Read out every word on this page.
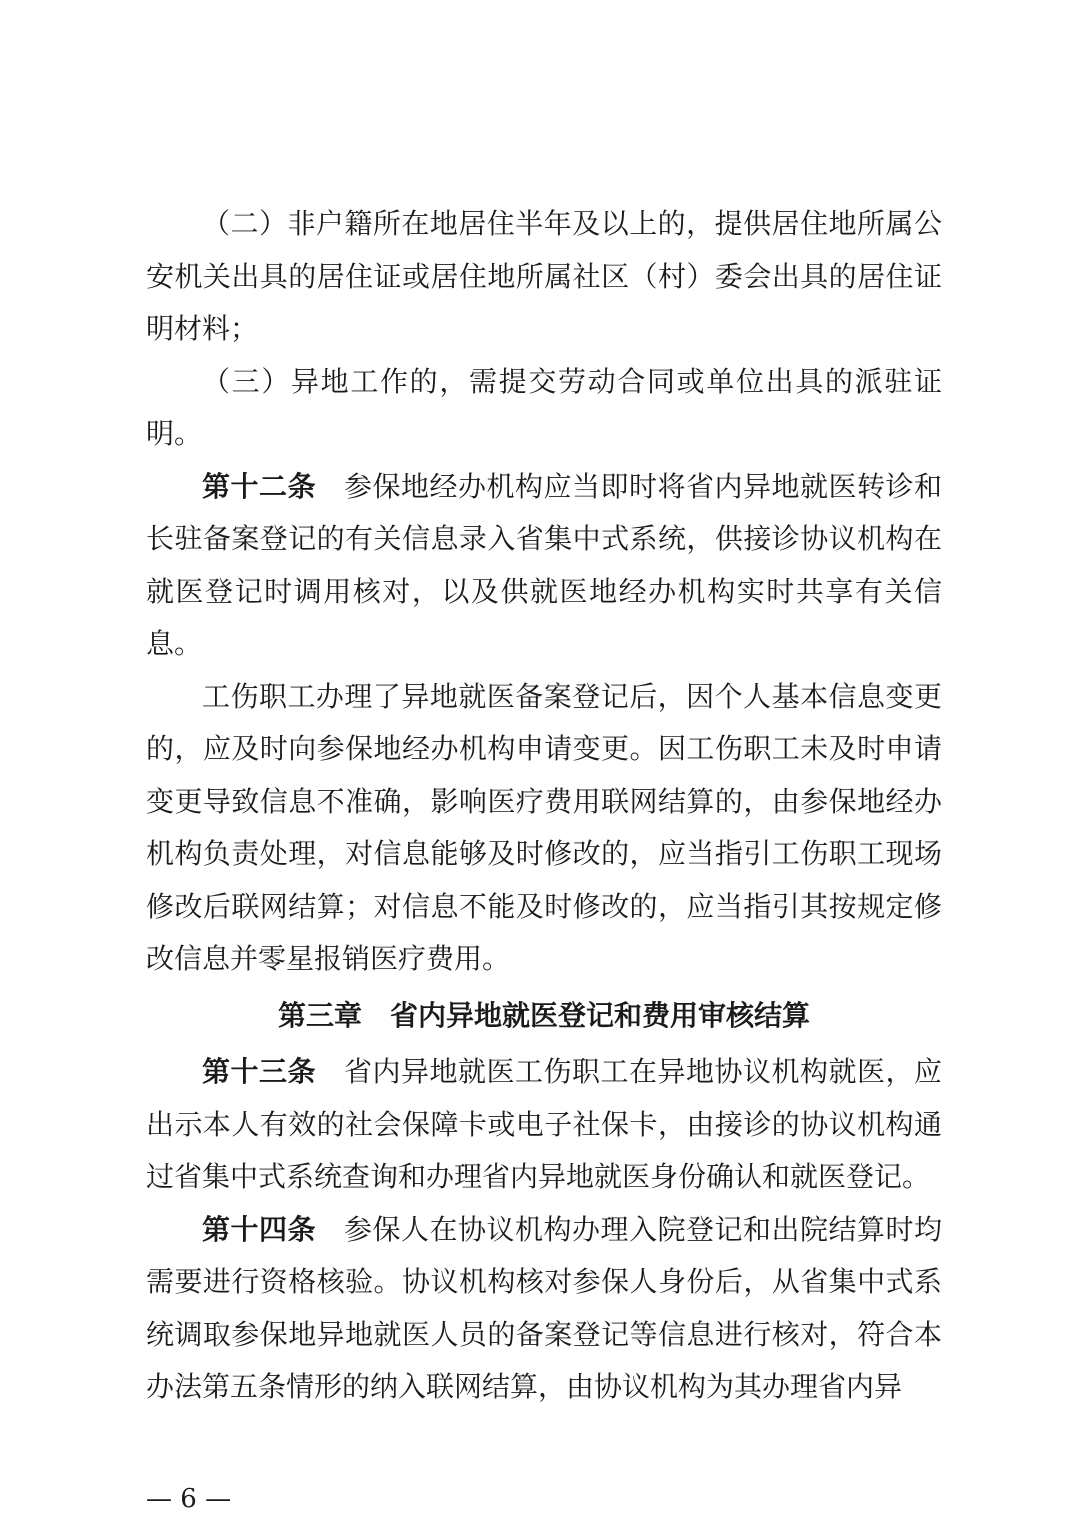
（二）非户籍所在地居住半年及以上的，提供居住地所属公安机关出具的居住证或居住地所属社区（村）委会出具的居住证明材料；

（三）异地工作的，需提交劳动合同或单位出具的派驻证明。

第十二条 参保地经办机构应当即时将省内异地就医转诊和长驻备案登记的有关信息录入省集中式系统，供接诊协议机构在就医登记时调用核对，以及供就医地经办机构实时共享有关信息。

工伤职工办理了异地就医备案登记后，因个人基本信息变更的，应及时向参保地经办机构申请变更。因工伤职工未及时申请变更导致信息不准确，影响医疗费用联网结算的，由参保地经办机构负责处理，对信息能够及时修改的，应当指引工伤职工现场修改后联网结算；对信息不能及时修改的，应当指引其按规定修改信息并零星报销医疗费用。

第三章 省内异地就医登记和费用审核结算

第十三条 省内异地就医工伤职工在异地协议机构就医，应出示本人有效的社会保障卡或电子社保卡，由接诊的协议机构通过省集中式系统查询和办理省内异地就医身份确认和就医登记。

第十四条 参保人在协议机构办理入院登记和出院结算时均需要进行资格核验。协议机构核对参保人身份后，从省集中式系统调取参保地异地就医人员的备案登记等信息进行核对，符合本办法第五条情形的纳入联网结算，由协议机构为其办理省内异

— 6 —
